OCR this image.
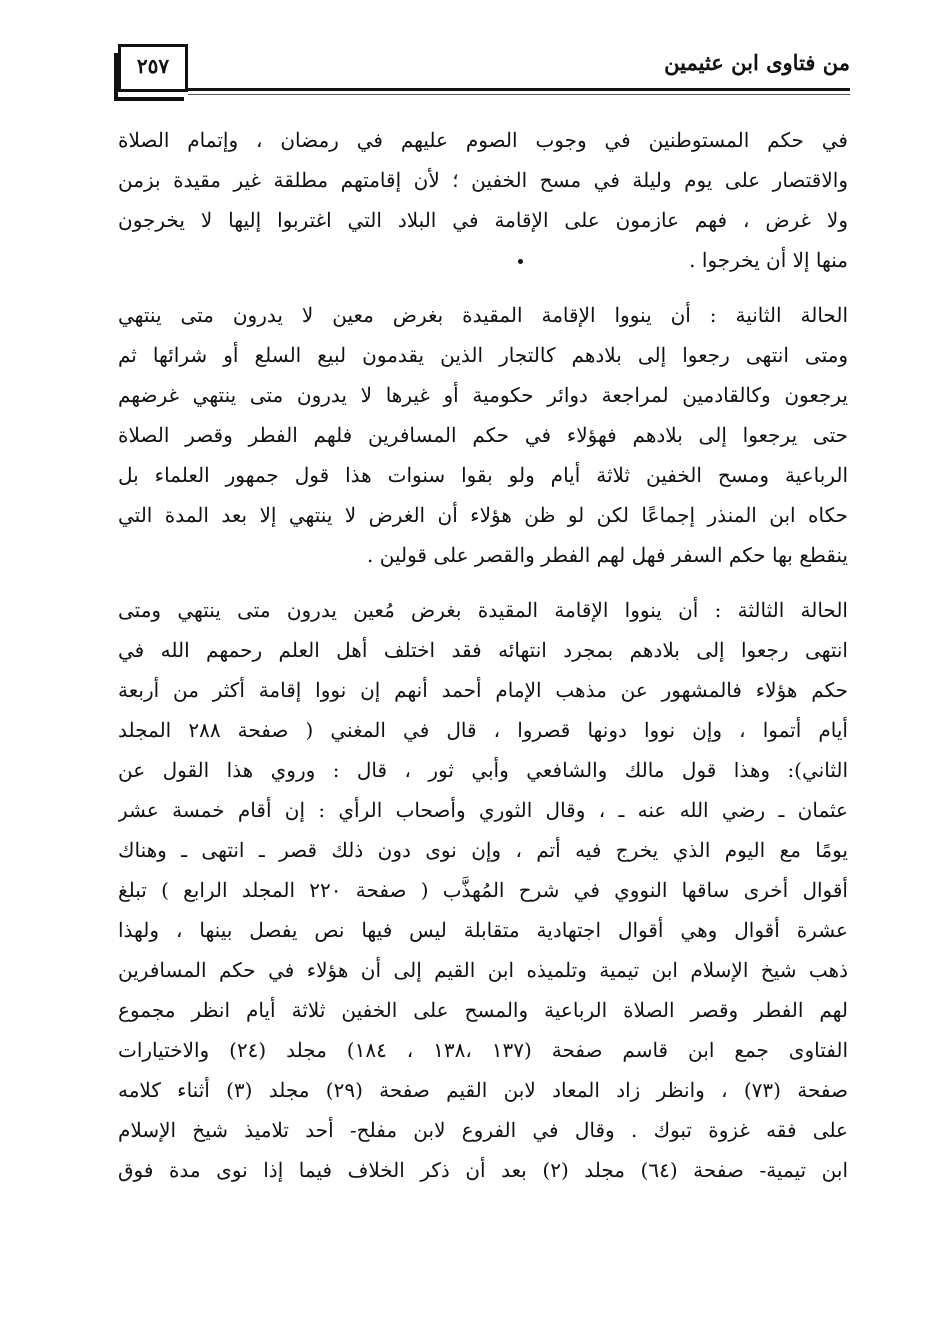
٢٥٧	من فتاوى ابن عثيمين
في حكم المستوطنين في وجوب الصوم عليهم في رمضان ، وإتمام الصلاة
والاقتصار على يوم وليلة في مسح الخفين ؛ لأن إقامتهم مطلقة غير مقيدة بزمن
ولا غرض ، فهم عازمون على الإقامة في البلاد التي اغتربوا إليها لا يخرجون
منها إلا أن يخرجوا .
الحالة الثانية : أن ينووا الإقامة المقيدة بغرض معين لا يدرون متى ينتهي
ومتى انتهى رجعوا إلى بلادهم كالتجار الذين يقدمون لبيع السلع أو شرائها ثم
يرجعون وكالقادمين لمراجعة دوائر حكومية أو غيرها لا يدرون متى ينتهي غرضهم
حتى يرجعوا إلى بلادهم فهؤلاء في حكم المسافرين فلهم الفطر وقصر الصلاة
الرباعية ومسح الخفين ثلاثة أيام ولو بقوا سنوات هذا قول جمهور العلماء بل
حكاه ابن المنذر إجماعًا لكن لو ظن هؤلاء أن الغرض لا ينتهي إلا بعد المدة التي
ينقطع بها حكم السفر فهل لهم الفطر والقصر على قولين .
الحالة الثالثة : أن ينووا الإقامة المقيدة بغرض مُعين يدرون متى ينتهي ومتى
انتهى رجعوا إلى بلادهم بمجرد انتهائه فقد اختلف أهل العلم رحمهم الله في
حكم هؤلاء فالمشهور عن مذهب الإمام أحمد أنهم إن نووا إقامة أكثر من أربعة
أيام أتموا ، وإن نووا دونها قصروا ، قال في المغني ( صفحة ٢٨٨ المجلد
الثاني): وهذا قول مالك والشافعي وأبي ثور ، قال : وروي هذا القول عن
عثمان ـ رضي الله عنه ـ ، وقال الثوري وأصحاب الرأي : إن أقام خمسة عشر
يومًا مع اليوم الذي يخرج فيه أتم ، وإن نوى دون ذلك قصر ـ انتهى ـ وهناك
أقوال أخرى ساقها النووي في شرح المُهذَّب ( صفحة ٢٢٠ المجلد الرابع ) تبلغ
عشرة أقوال وهي أقوال اجتهادية متقابلة ليس فيها نص يفصل بينها ، ولهذا
ذهب شيخ الإسلام ابن تيمية وتلميذه ابن القيم إلى أن هؤلاء في حكم المسافرين
لهم الفطر وقصر الصلاة الرباعية والمسح على الخفين ثلاثة أيام انظر مجموع
الفتاوى جمع ابن قاسم صفحة (١٣٧ ،١٣٨ ، ١٨٤) مجلد (٢٤) والاختيارات
صفحة (٧٣) ، وانظر زاد المعاد لابن القيم صفحة (٢٩) مجلد (٣) أثناء كلامه
على فقه غزوة تبوك . وقال في الفروع لابن مفلح- أحد تلاميذ شيخ الإسلام
ابن تيمية- صفحة (٦٤) مجلد (٢) بعد أن ذكر الخلاف فيما إذا نوى مدة فوق
